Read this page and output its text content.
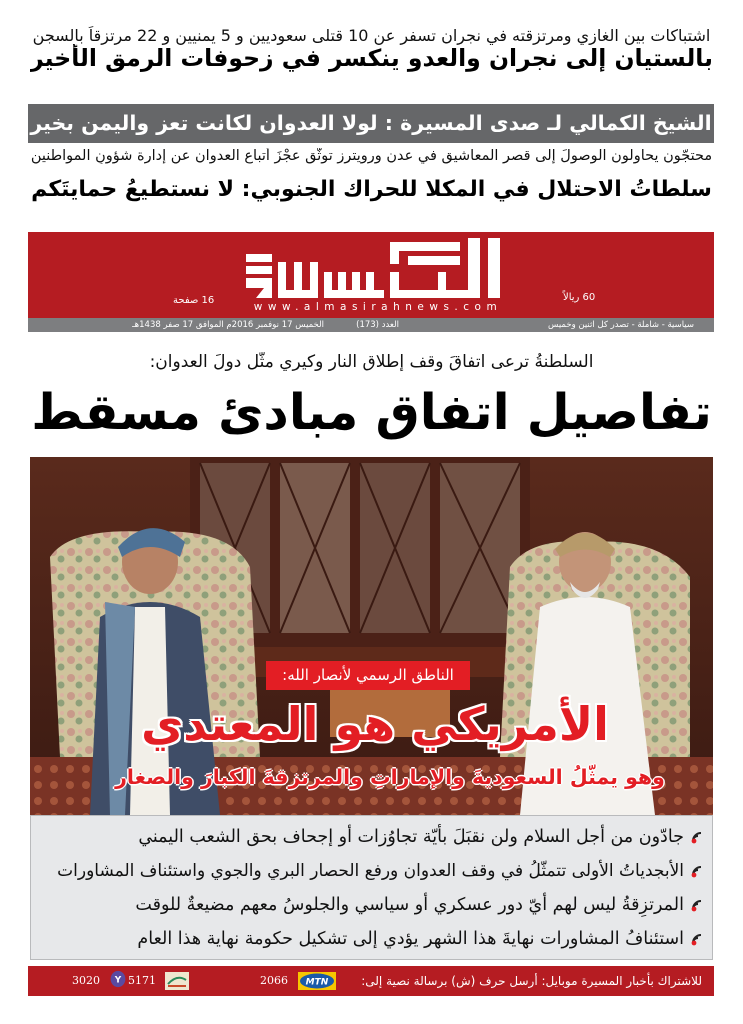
اشتباكات بين الغازي ومرتزقته في نجران تسفر عن 10 قتلى سعوديين و 5 يمنيين و 22 مرتزقاً بالسجن
بالستيان إلى نجران والعدو ينكسر في زحوفات الرمق الأخير
الشيخ الكمالي لـ صدى المسيرة : لولا العدوان لكانت تعز واليمن بخير
محتجّون يحاولون الوصولَ إلى قصر المعاشيق في عدن ورويترز توثّق عجْزَ أتباع العدوان عن إدارة شؤونِ المواطنين
سلطاتُ الاحتلال في المكلا للحراك الجنوبي: لا نستطيعُ حمايتَكم
www.almasirahnews.com
60 ريالاً
16 صفحة
سياسية - شاملة - تصدر كل اثنين وخميس
العدد (173)
الخميس 17 نوفمبر 2016م الموافق 17 صفر 1438هـ
السلطنةُ ترعى اتفاقَ وقف إطلاق النار وكيري مثّل دولَ العدوان:
تفاصيل اتفاق مبادئ مسقط
الناطق الرسمي لأنصار الله:
الأمريكي هو المعتدي
وهو يمثّلُ السعوديةَ والإماراتِ والمرتزقةَ الكبارَ والصغار
جادّون من أجل السلام ولن نقبَلَ بأيّة تجاوُزات أو إجحاف بحق الشعب اليمني
الأبجدياتُ الأولى تتمثّلُ في وقف العدوان ورفع الحصار البري والجوي واستئناف المشاورات
المرتزِقةُ ليس لهم أيّ دور عسكري أو سياسي والجلوسُ معهم مضيعةٌ للوقت
استئنافُ المشاورات نهايةَ هذا الشهر يؤدي إلى تشكيل حكومة نهاية هذا العام
للاشتراك بأخبار المسيرة موبايل: أرسل حرف (ش) برسالة نصية إلى:
MTN
2066
5171
Y
3020
